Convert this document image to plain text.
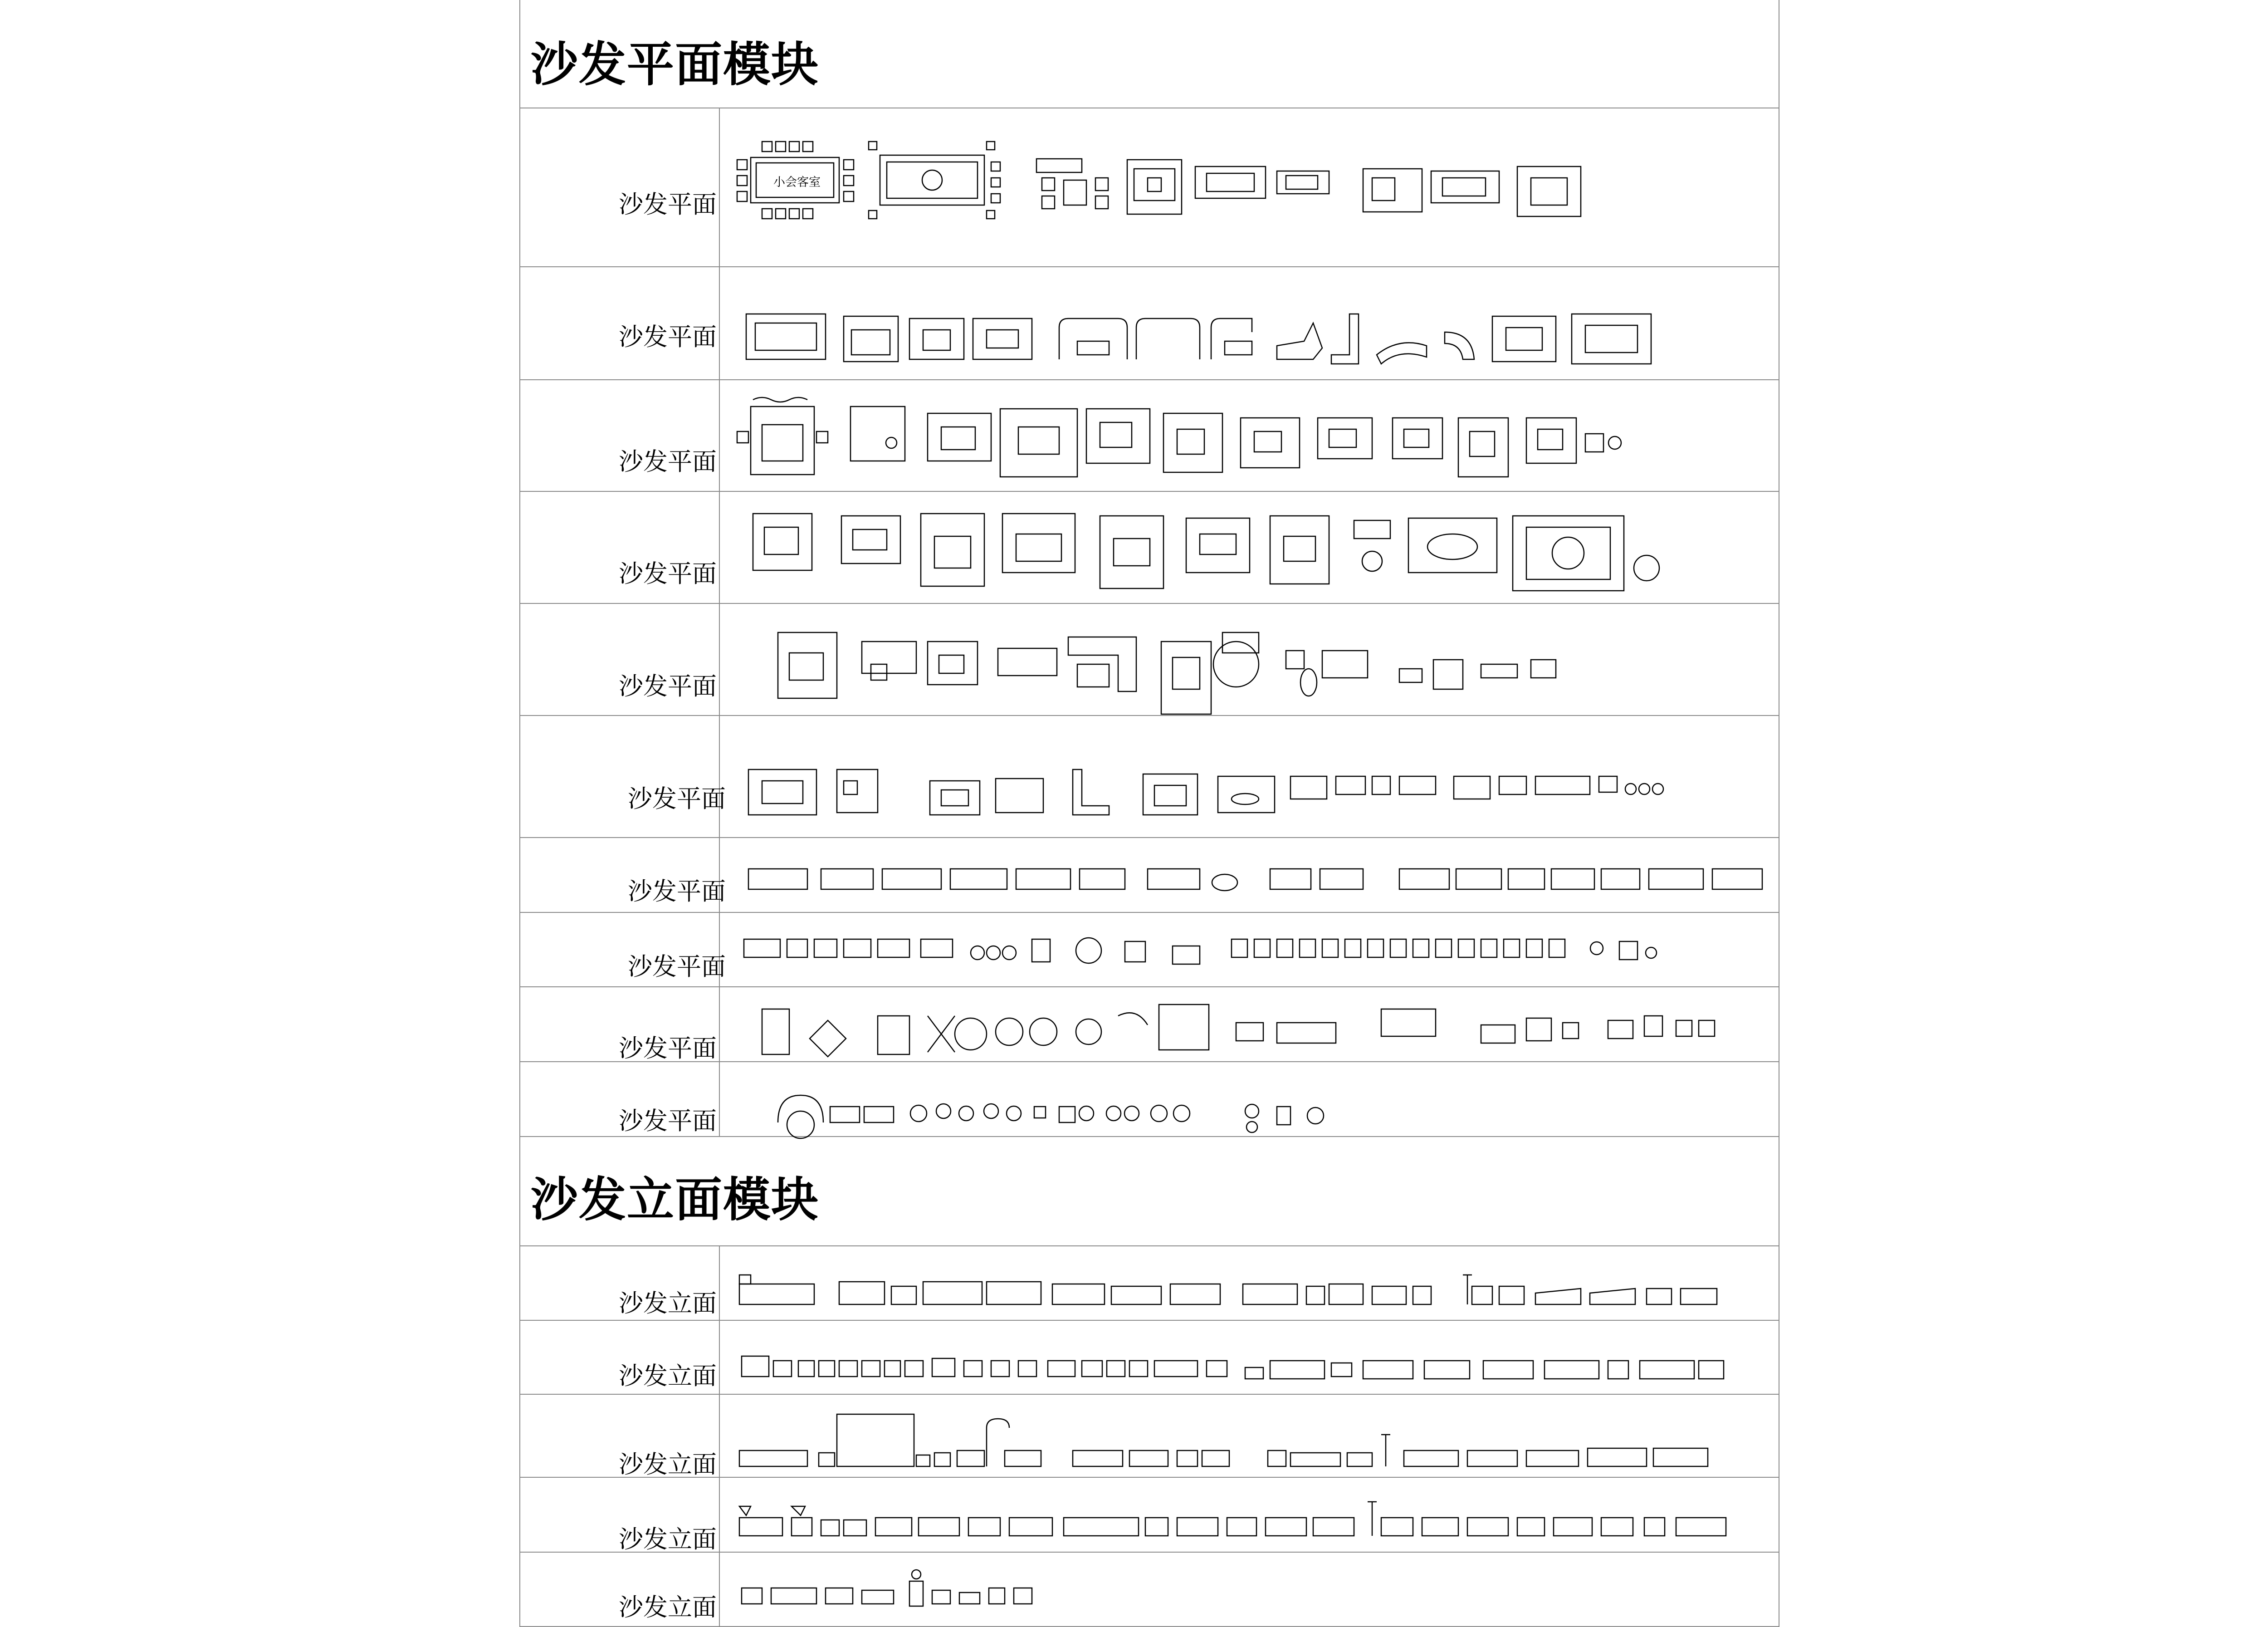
沙发平面模块
沙发立面模块
沙发平面
沙发平面
沙发平面
沙发平面
沙发平面
沙发平面
沙发平面
沙发平面
沙发平面
沙发平面
沙发立面
沙发立面
沙发立面
沙发立面
沙发立面
小会客室
